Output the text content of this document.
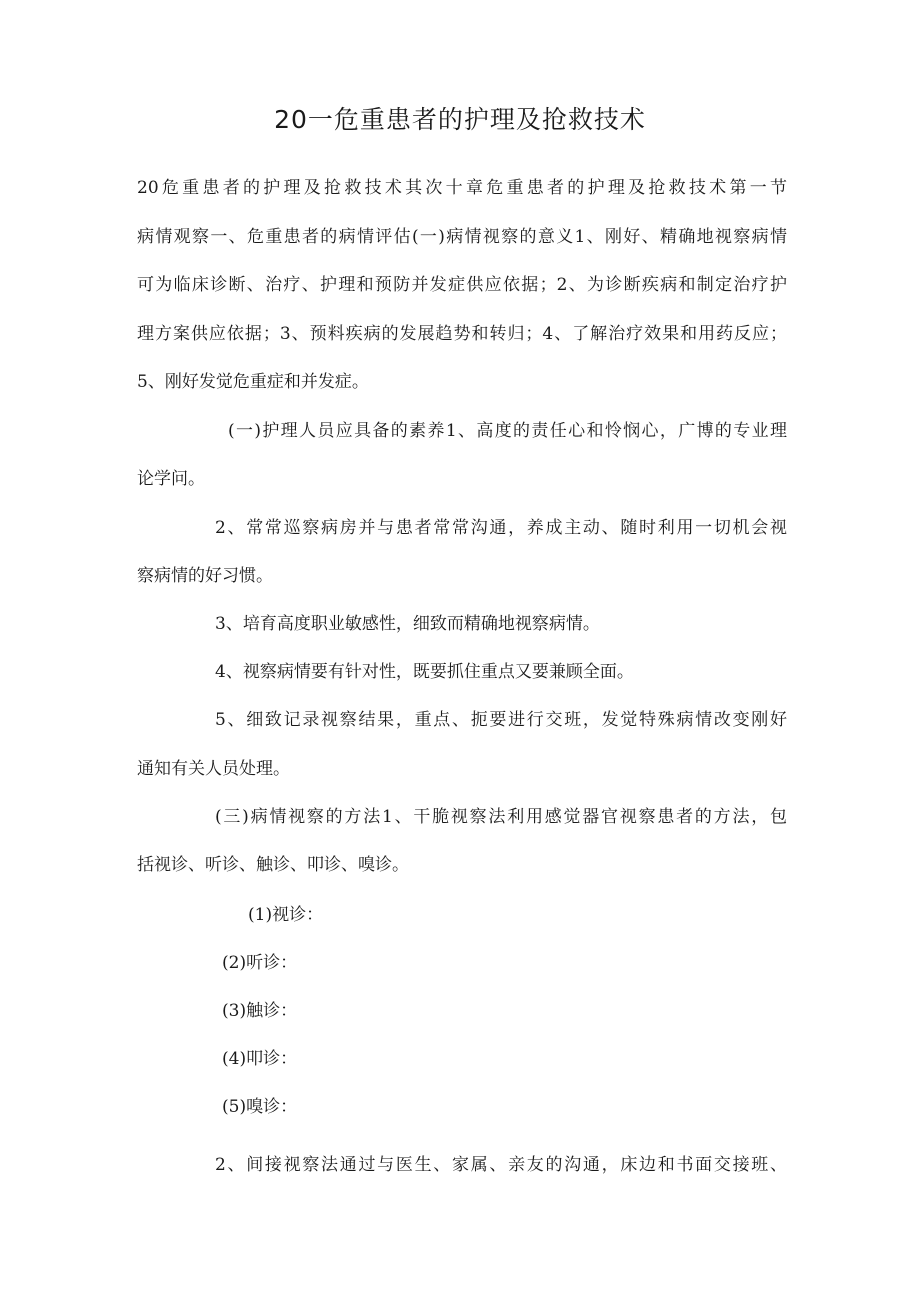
20一危重患者的护理及抢救技术
20危重患者的护理及抢救技术其次十章危重患者的护理及抢救技术第一节
病情观察一、危重患者的病情评估(一)病情视察的意义1、刚好、精确地视察病情
可为临床诊断、治疗、护理和预防并发症供应依据；2、为诊断疾病和制定治疗护
理方案供应依据；3、预料疾病的发展趋势和转归；4、了解治疗效果和用药反应；
5、刚好发觉危重症和并发症。
(一)护理人员应具备的素养1、高度的责任心和怜悯心，广博的专业理
论学问。
2、常常巡察病房并与患者常常沟通，养成主动、随时利用一切机会视
察病情的好习惯。
3、培育高度职业敏感性，细致而精确地视察病情。
4、视察病情要有针对性，既要抓住重点又要兼顾全面。
5、细致记录视察结果，重点、扼要进行交班，发觉特殊病情改变刚好
通知有关人员处理。
(三)病情视察的方法1、干脆视察法利用感觉器官视察患者的方法，包
括视诊、听诊、触诊、叩诊、嗅诊。
(1)视诊：
(2)听诊：
(3)触诊：
(4)叩诊：
(5)嗅诊：
2、间接视察法通过与医生、家属、亲友的沟通，床边和书面交接班、
